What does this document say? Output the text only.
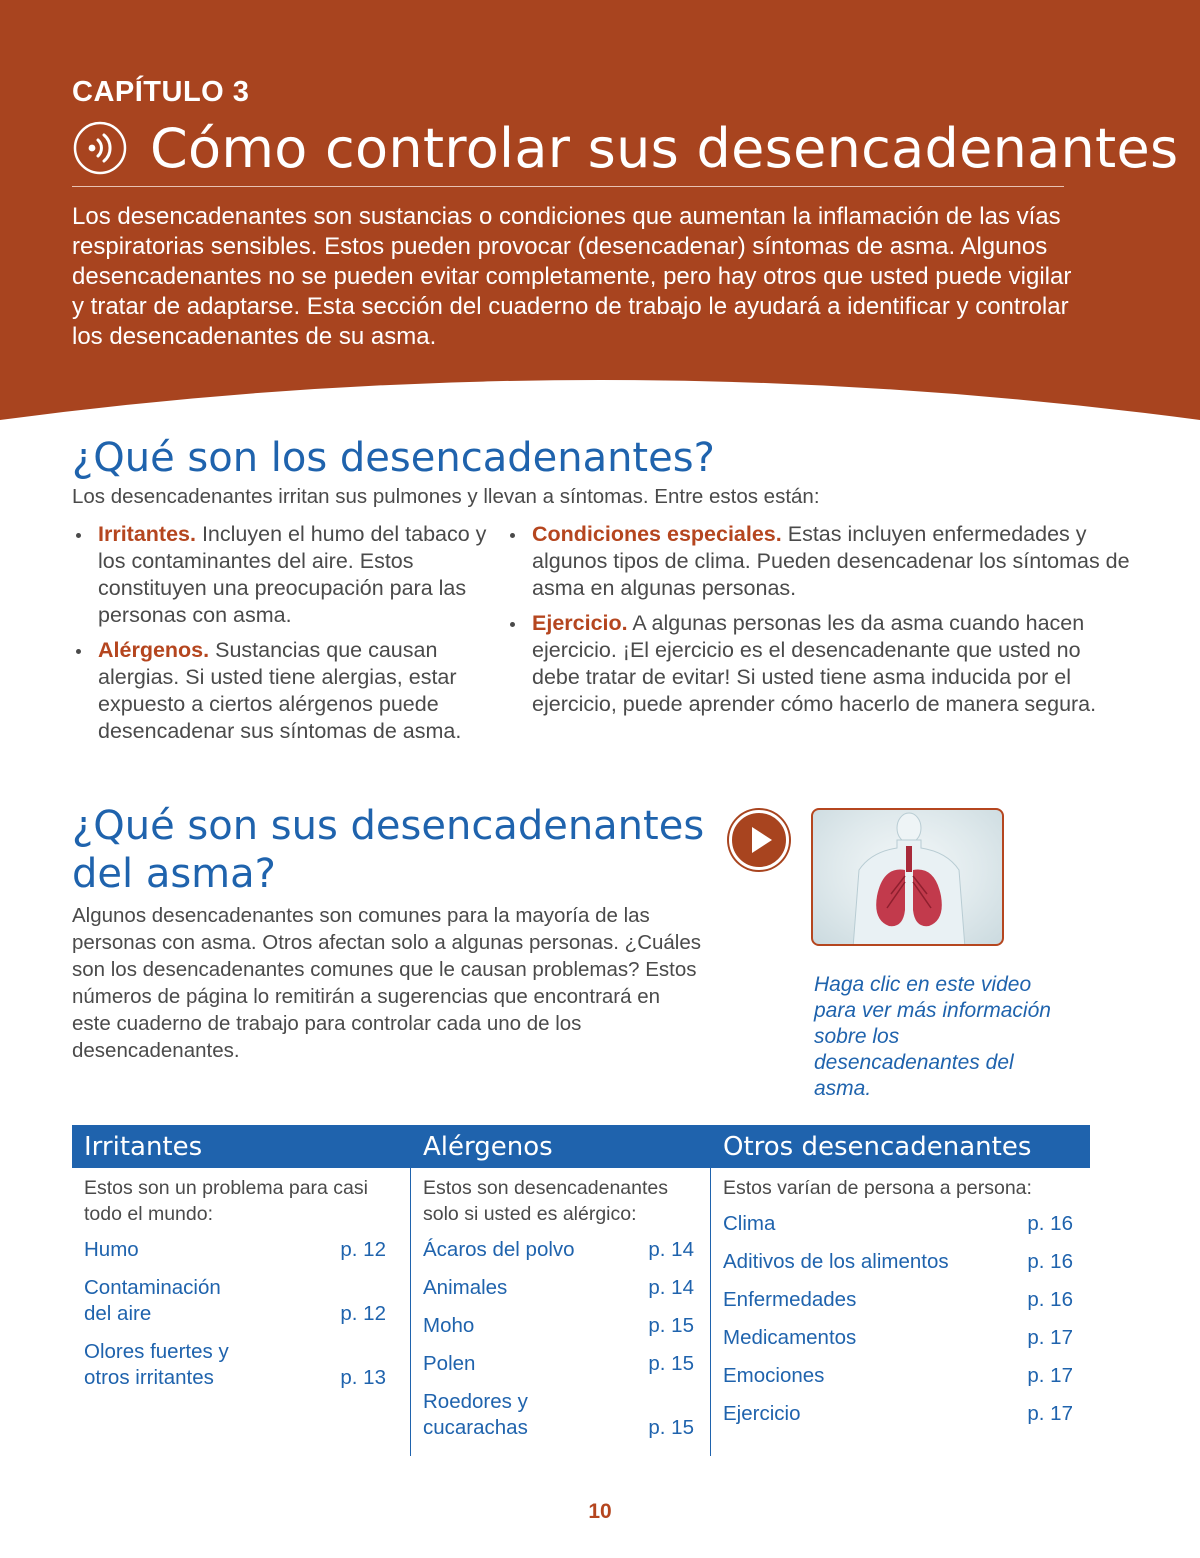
CAPÍTULO 3
Cómo controlar sus desencadenantes

Los desencadenantes son sustancias o condiciones que aumentan la inflamación de las vías respiratorias sensibles. Estos pueden provocar (desencadenar) síntomas de asma. Algunos desencadenantes no se pueden evitar completamente, pero hay otros que usted puede vigilar y tratar de adaptarse. Esta sección del cuaderno de trabajo le ayudará a identificar y controlar los desencadenantes de su asma.

¿Qué son los desencadenantes?

Los desencadenantes irritan sus pulmones y llevan a síntomas. Entre estos están:

Irritantes. Incluyen el humo del tabaco y los contaminantes del aire. Estos constituyen una preocupación para las personas con asma.
Alérgenos. Sustancias que causan alergias. Si usted tiene alergias, estar expuesto a ciertos alérgenos puede desencadenar sus síntomas de asma.
Condiciones especiales. Estas incluyen enfermedades y algunos tipos de clima. Pueden desencadenar los síntomas de asma en algunas personas.
Ejercicio. A algunas personas les da asma cuando hacen ejercicio. ¡El ejercicio es el desencadenante que usted no debe tratar de evitar! Si usted tiene asma inducida por el ejercicio, puede aprender cómo hacerlo de manera segura.
¿Qué son sus desencadenantes
del asma?

Algunos desencadenantes son comunes para la mayoría de las personas con asma. Otros afectan solo a algunas personas. ¿Cuáles son los desencadenantes comunes que le causan problemas? Estos números de página lo remitirán a sugerencias que encontrará en este cuaderno de trabajo para controlar cada uno de los desencadenantes.

Haga clic en este video para ver más información sobre los desencadenantes del asma.

Irritantes	Alérgenos	Otros desencadenantes

Estos son un problema para casi todo el mundo:

Humo	p. 12
Contaminación
del aire	p. 12
Olores fuertes y
otros irritantes	p. 13

Estos son desencadenantes solo si usted es alérgico:

Ácaros del polvo	p. 14
Animales	p. 14
Moho	p. 15
Polen	p. 15
Roedores y
cucarachas	p. 15

Estos varían de persona a persona:

Clima	p. 16
Aditivos de los alimentos	p. 16
Enfermedades	p. 16
Medicamentos	p. 17
Emociones	p. 17
Ejercicio	p. 17
10
